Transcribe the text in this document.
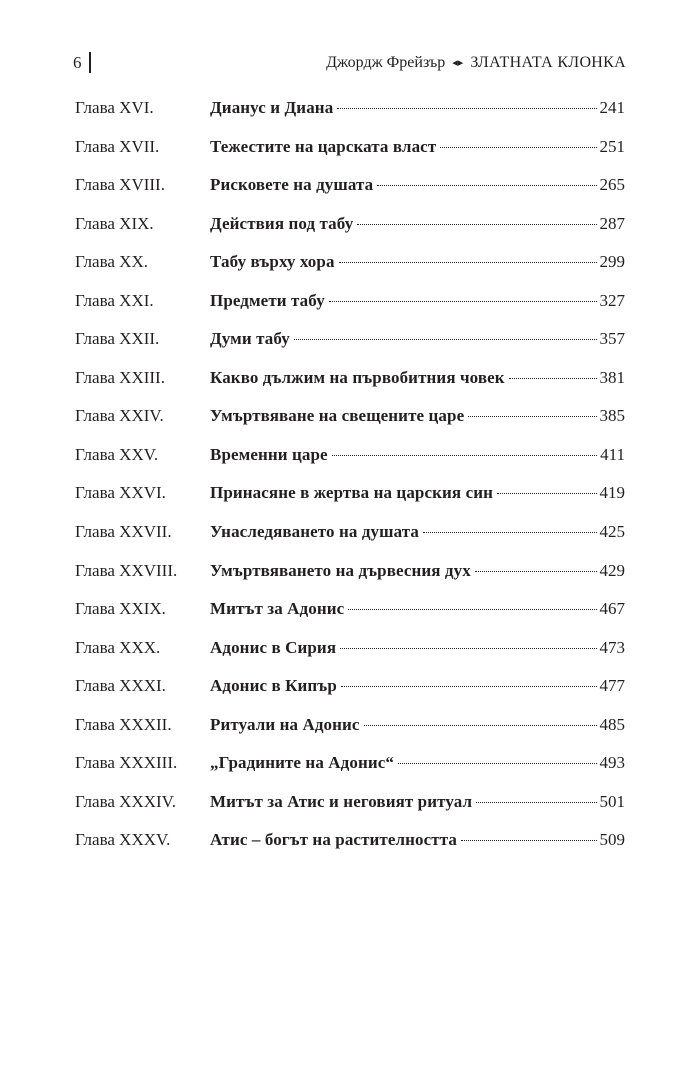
6	Джордж Фрейзър ◂▸ ЗЛАТНАТА КЛОНКА
Глава XVI.	Дианус и Диана	241
Глава XVII.	Тежестите на царската власт	251
Глава XVIII.	Рисковете на душата	265
Глава XIX.	Действия под табу	287
Глава XX.	Табу върху хора	299
Глава XXI.	Предмети табу	327
Глава XXII.	Думи табу	357
Глава XXIII.	Какво дължим на първобитния човек	381
Глава XXIV.	Умъртвяване на свещените царе	385
Глава XXV.	Временни царе	411
Глава XXVI.	Принасяне в жертва на царския син	419
Глава XXVII. Унаследяването на душата	425
Глава XXVIII. Умъртвяването на дървесния дух	429
Глава XXIX.	Митът за Адонис	467
Глава XXX.	Адонис в Сирия	473
Глава XXXI.	Адонис в Кипър	477
Глава XXXII. Ритуали на Адонис	485
Глава XXXIII. „Градините на Адонис“	493
Глава XXXIV. Митът за Атис и неговият ритуал	501
Глава XXXV. Атис – богът на растителността	509
